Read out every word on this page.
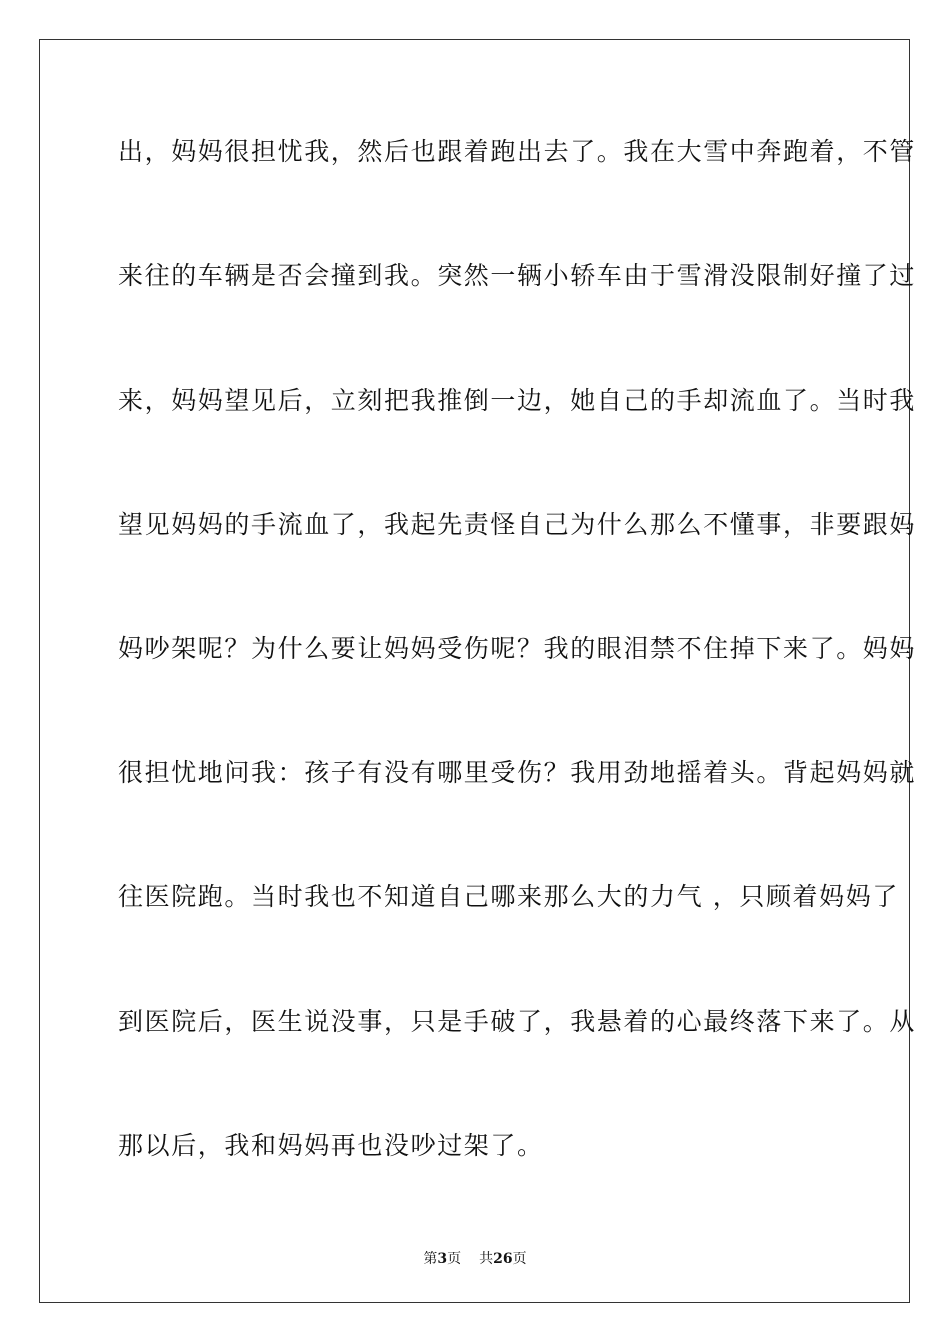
出，妈妈很担忧我，然后也跟着跑出去了。我在大雪中奔跑着，不管
来往的车辆是否会撞到我。突然一辆小轿车由于雪滑没限制好撞了过
来，妈妈望见后，立刻把我推倒一边，她自己的手却流血了。当时我
望见妈妈的手流血了，我起先责怪自己为什么那么不懂事，非要跟妈
妈吵架呢？为什么要让妈妈受伤呢？我的眼泪禁不住掉下来了。妈妈
很担忧地问我：孩子有没有哪里受伤？我用劲地摇着头。背起妈妈就
往医院跑。当时我也不知道自己哪来那么大的力气 ，只顾着妈妈了
到医院后，医生说没事，只是手破了，我悬着的心最终落下来了。从
那以后，我和妈妈再也没吵过架了。
第3页 共26页
